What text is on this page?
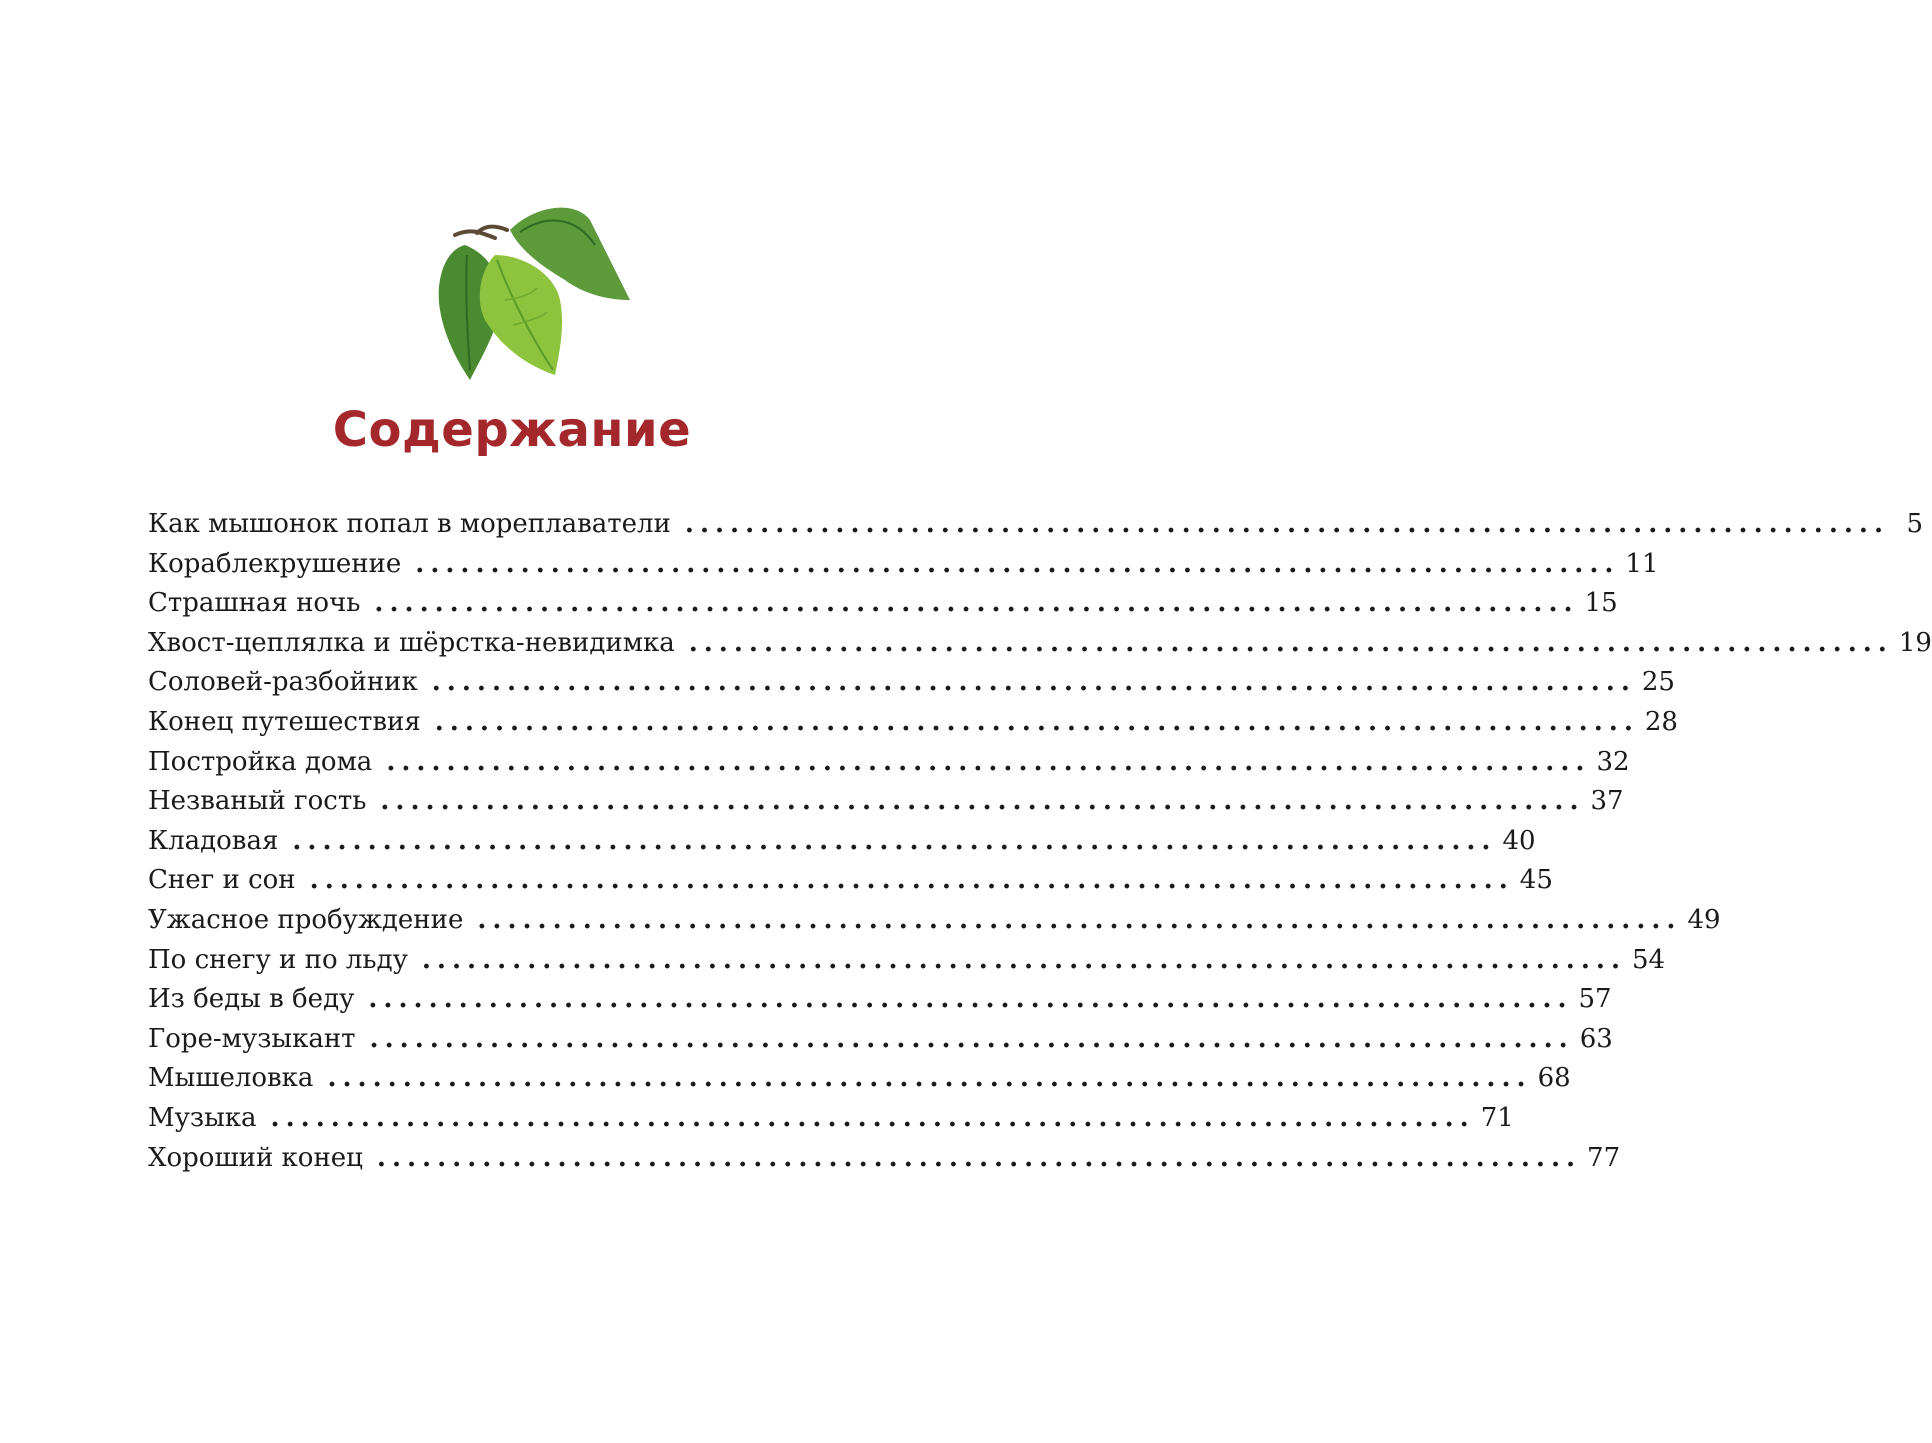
Содержание
Как мышонок попал в мореплаватели ................................................................................ 5
Кораблекрушение ................................................................................ 11
Страшная ночь ................................................................................ 15
Хвост-цеплялка и шёрстка-невидимка ................................................................................ 19
Соловей-разбойник ................................................................................ 25
Конец путешествия ................................................................................ 28
Постройка дома ................................................................................ 32
Незваный гость ................................................................................ 37
Кладовая ................................................................................ 40
Снег и сон ................................................................................ 45
Ужасное пробуждение ................................................................................ 49
По снегу и по льду ................................................................................ 54
Из беды в беду ................................................................................ 57
Горе-музыкант ................................................................................ 63
Мышеловка ................................................................................ 68
Музыка ................................................................................ 71
Хороший конец ................................................................................ 77
